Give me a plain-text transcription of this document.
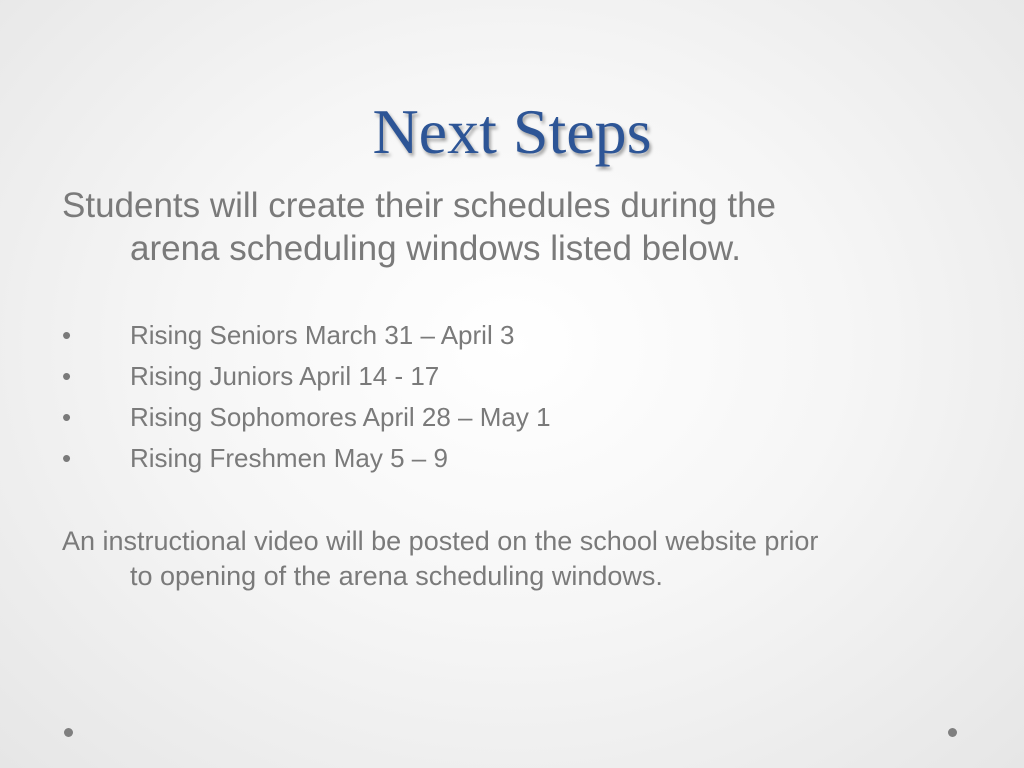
Next Steps

Students will create their schedules during the
arena scheduling windows listed below.

•	Rising Seniors March 31 – April 3
•	Rising Juniors April 14 - 17
•	Rising Sophomores April 28 – May 1
•	Rising Freshmen May 5 – 9

An instructional video will be posted on the school website prior
to opening of the arena scheduling windows.
